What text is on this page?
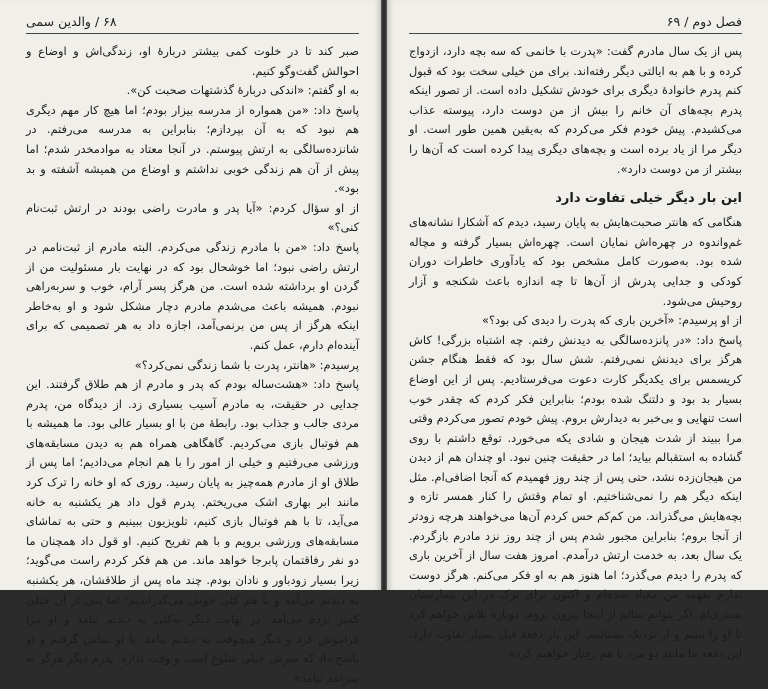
۶۸ / والدین سمی

صبر کند تا در خلوت کمی بیشتر دربارهٔ او، زندگی‌اش و اوضاع و احوالش گفت‌وگو کنیم.

به او گفتم: «اندکی دربارهٔ گذشتهات صحبت کن».

پاسخ داد: «من همواره از مدرسه بیزار بودم؛ اما هیچ کار مهم دیگری هم نبود که به آن بپردازم؛ بنابراین به مدرسه می‌رفتم. در شانزده‌سالگی به ارتش پیوستم. در آنجا معتاد به مواد‌مخدر شدم؛ اما پیش از آن هم زندگی خوبی نداشتم و اوضاع من همیشه آشفته و بد بود».

از او سؤال کردم: «آیا پدر و مادرت راضی بودند در ارتش ثبت‌نام کنی؟»

پاسخ داد: «من با مادرم زندگی می‌کردم. البته مادرم از ثبت‌نامم در ارتش راضی نبود؛ اما خوشحال بود که در نهایت بار مسئولیت من از گردن او برداشته شده است. من هرگز پسر آرام، خوب و سربه‌راهی نبودم. همیشه باعث می‌شدم مادرم دچار مشکل شود و او به‌خاطر اینکه هرگز از پس من برنمی‌آمد، اجازه داد به هر تصمیمی که برای آینده‌ام دارم، عمل کنم.

پرسیدم: «هانتر، پدرت با شما زندگی نمی‌کرد؟»

پاسخ داد: «هشت‌ساله بودم که پدر و مادرم از هم طلاق گرفتند. این جدایی در حقیقت، به مادرم آسیب بسیاری زد. از دیدگاه من، پدرم مردی جالب و جذاب بود. رابطهٔ من با او بسیار عالی بود. ما همیشه با هم فوتبال بازی می‌کردیم. گاهگاهی همراه هم به دیدن مسابقه‌های ورزشی می‌رفتیم و خیلی از امور را با هم انجام می‌دادیم؛ اما پس از طلاق او از مادرم همه‌چیز به پایان رسید. روزی که او خانه را ترک کرد مانند ابر بهاری اشک می‌ریختم. پدرم قول داد هر یکشنبه به خانه می‌آید، تا با هم فوتبال بازی کنیم، تلویزیون ببینیم و حتی به تماشای مسابقه‌های ورزشی برویم و با هم تفریح کنیم. او قول داد همچنان ما دو نفر رفاقتمان پابرجا خواهد ماند. من هم فکر کردم راست می‌گوید؛ زیرا بسیار زودباور و نادان بودم. چند ماه پس از طلاقشان، هر یکشنبه به دیدنم می‌آمد و با هم کلی خوش می‌گذراندیم؛ اما پس از آن خیلی کمتر نزدم می‌آمد. در نهایت دیگر به‌کلی به دیدنم نیامد و او مرا فراموش کرد و دیگر هیچوقت به دیدنم نیامد. با او تماس گرفتم و او پاسخ داد که سرش خیلی شلوغ است و وقت ندارد. پدرم دیگر هرگز به سراغم نیامد».

فصل دوم / ۶۹

پس از یک سال مادرم گفت: «پدرت با خانمی که سه بچه دارد، ازدواج کرده و با هم به ایالتی دیگر رفته‌اند. برای من خیلی سخت بود که قبول کنم پدرم خانوادهٔ دیگری برای خودش تشکیل داده است. از تصور اینکه پدرم بچه‌های آن خانم را بیش از من دوست دارد، پیوسته عذاب می‌کشیدم. پیش خودم فکر می‌کردم که به‌یقین همین طور است. او دیگر مرا از یاد برده است و بچه‌های دیگری پیدا کرده است که آن‌ها را بیشتر از من دوست دارد».

این بار دیگر خیلی تفاوت دارد

هنگامی که هانتر صحبت‌هایش به پایان رسید، دیدم که آشکارا نشانه‌های غم‌واندوه در چهره‌اش نمایان است. چهره‌اش بسیار گرفته و مچاله شده بود. به‌صورت کامل مشخص بود که یادآوری خاطرات دوران کودکی و جدایی پدرش از آن‌ها تا چه اندازه باعث شکنجه و آزار روحیش می‌شود.

از او پرسیدم: «آخرین باری که پدرت را دیدی کی بود؟»

پاسخ داد: «در پانزده‌سالگی به دیدنش رفتم. چه اشتباه بزرگی! کاش هرگز برای دیدنش نمی‌رفتم. شش سال بود که فقط هنگام جشن کریسمس برای یکدیگر کارت دعوت می‌فرستادیم. پس از این اوضاع بسیار بد بود و دلتنگ شده بودم؛ بنابراین فکر کردم که چقدر خوب است تنهایی و بی‌خبر به دیدارش بروم. پیش خودم تصور می‌کردم وقتی مرا ببیند از شدت هیجان و شادی یکه می‌خورد. توقع داشتم با روی گشاده به استقبالم بیاید؛ اما در حقیقت چنین نبود. او چندان هم از دیدن من هیجان‌زده نشد، حتی پس از چند روز فهمیدم که آنجا اضافی‌ام. مثل اینکه دیگر هم را نمی‌شناختیم. او تمام وقتش را کنار همسر تازه و بچه‌هایش می‌گذراند. من کم‌کم حس کردم آن‌ها می‌خواهند هرچه زودتر از آنجا بروم؛ بنابراین مجبور شدم پس از چند روز نزد مادرم بازگردم. یک سال بعد، به خدمت ارتش درآمدم. امروز هفت سال از آخرین باری که پدرم را دیدم می‌گذرد؛ اما هنوز هم به او فکر می‌کنم. هرگز دوست ندارم بفهمد من معتاد شده‌ام و اکنون برای ترک در این بیمارستان بستری‌ام. اگر بتوانم سالم از اینجا بیرون بروم، دوباره تلاش خواهم کرد تا او را ببینم و از نزدیک بشناسم. این بار دفعهٔ قبل بسیار تفاوت دارد. این دفعه ما مانند دو مرد با هم رفتار خواهیم کرد».
